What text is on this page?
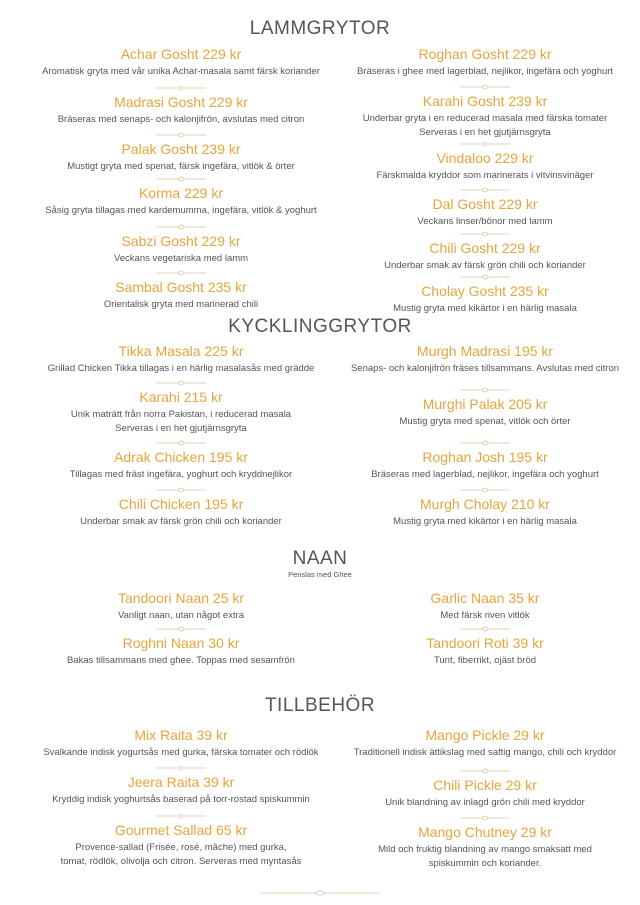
LAMMGRYTOR
KYCKLINGGRYTOR
NAAN
Penslas med Ghee
TILLBEHÖR
Achar Gosht 229 kr
Aromatisk gryta med vår unika Achar-masala samt färsk koriander
Madrasi Gosht 229 kr
Bräseras med senaps- och kalonjifrön, avslutas med citron
Palak Gosht 239 kr
Mustigt gryta med spenat, färsk ingefära, vitlök & örter
Korma 229 kr
Såsig gryta tillagas med kardemumma, ingefära, vitlök & yoghurt
Sabzi Gosht 229 kr
Veckans vegetariska med lamm
Sambal Gosht 235 kr
Orientalisk gryta med marinerad chili
Roghan Gosht 229 kr
Bräseras i ghee med lagerblad, nejlikor, ingefära och yoghurt
Karahi Gosht 239 kr
Underbar gryta i en reducerad masala med färska tomater
Serveras i en het gjutjärnsgryta
Vindaloo 229 kr
Färskmalda kryddor som marinerats i vitvinsvinäger
Dal Gosht 229 kr
Veckans linser/bönor med lamm
Chili Gosht 229 kr
Underbar smak av färsk grön chili och koriander
Cholay Gosht 235 kr
Mustig gryta med kikärtor i en härlig masala
Tikka Masala 225 kr
Grillad Chicken Tikka tillagas i en härlig masalasås med grädde
Karahi 215 kr
Unik maträtt från norra Pakistan, i reducerad masala
Serveras i en het gjutjärnsgryta
Adrak Chicken 195 kr
Tillagas med fräst ingefära, yoghurt och kryddnejlikor
Chili Chicken 195 kr
Underbar smak av färsk grön chili och koriander
Murgh Madrasi 195 kr
Senaps- och kalonjifrön fräses tillsammans. Avslutas med citron
Murghi Palak 205 kr
Mustig gryta med spenat, vitlök och örter
Roghan Josh 195 kr
Bräseras med lagerblad, nejlikor, ingefära och yoghurt
Murgh Cholay 210 kr
Mustig gryta med kikärtor i en härlig masala
Tandoori Naan 25 kr
Vanligt naan, utan något extra
Roghni Naan 30 kr
Bakas tillsammans med ghee. Toppas med sesamfrön
Garlic Naan 35 kr
Med färsk riven vitlök
Tandoori Roti 39 kr
Tunt, fiberrikt, ojäst bröd
Mix Raita 39 kr
Svalkande indisk yogurtsås med gurka, färska tomater och rödlök
Jeera Raita 39 kr
Kryddig indisk yoghurtsås baserad på torr-rostad spiskummin
Gourmet Sallad 65 kr
Provence-sallad (Frisée, rosé, mâche) med gurka,
tomat, rödlök, olivolja och citron. Serveras med myntasås
Mango Pickle 29 kr
Traditionell indisk ättikslag med saftig mango, chili och kryddor
Chili Pickle 29 kr
Unik blandning av inlagd grön chili med kryddor
Mango Chutney 29 kr
Mild och fruktig blandning av mango smaksatt med
spiskummin och koriander.
